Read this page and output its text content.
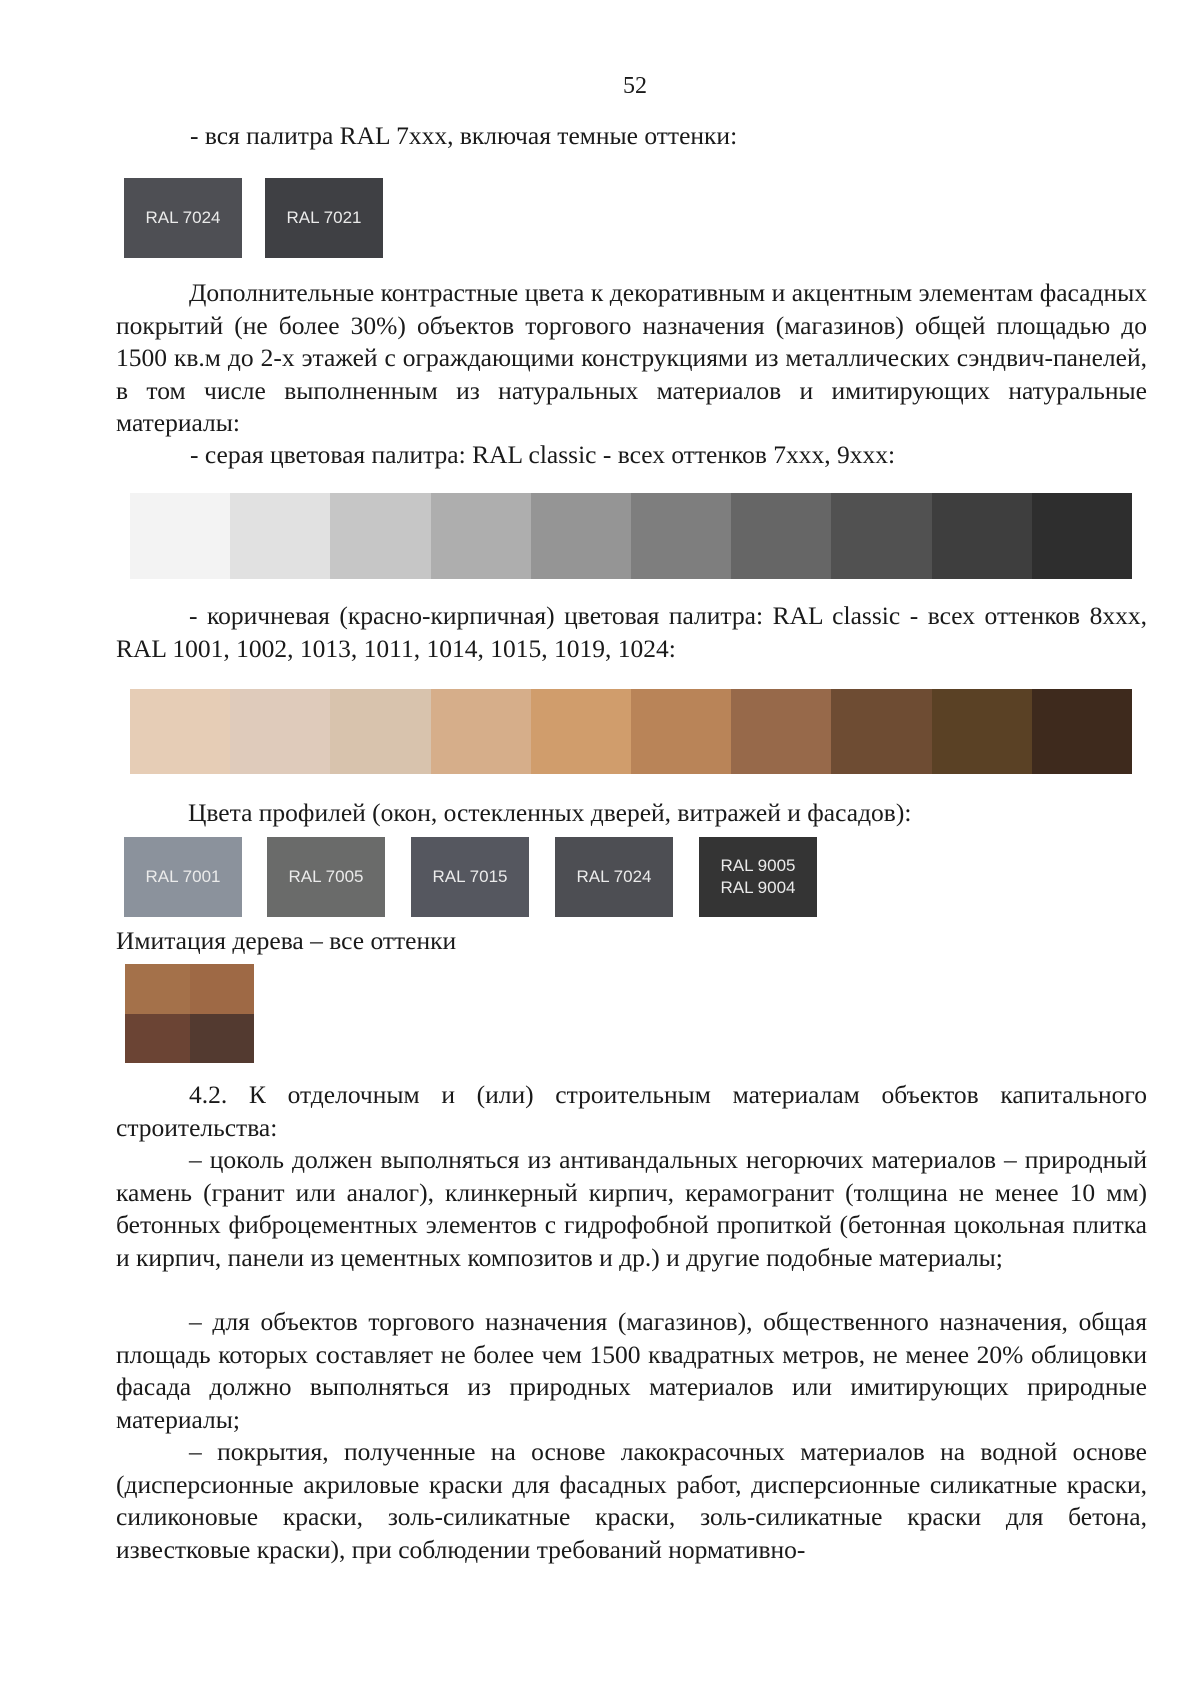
52

- вся палитра RAL 7xxx, включая темные оттенки:

RAL 7024	RAL 7021

Дополнительные контрастные цвета к декоративным и акцентным элементам фасадных покрытий (не более 30%) объектов торгового назначения (магазинов) общей площадью до 1500 кв.м до 2-х этажей с ограждающими конструкциями из металлических сэндвич-панелей, в том числе выполненным из натуральных материалов и имитирующих натуральные материалы:

- серая цветовая палитра: RAL classic - всех оттенков 7xxx, 9xxx:

- коричневая (красно-кирпичная) цветовая палитра: RAL classic - всех оттенков 8xxx, RAL 1001, 1002, 1013, 1011, 1014, 1015, 1019, 1024:

Цвета профилей (окон, остекленных дверей, витражей и фасадов):

RAL 7001	RAL 7005	RAL 7015	RAL 7024
RAL 9005
RAL 9004

Имитация дерева – все оттенки

4.2. К отделочным и (или) строительным материалам объектов капитального строительства:

– цоколь должен выполняться из антивандальных негорючих материалов – природный камень (гранит или аналог), клинкерный кирпич, керамогранит (толщина не менее 10 мм) бетонных фиброцементных элементов с гидрофобной пропиткой (бетонная цокольная плитка и кирпич, панели из цементных композитов и др.) и другие подобные материалы;

– для объектов торгового назначения (магазинов), общественного назначения, общая площадь которых составляет не более чем 1500 квадратных метров, не менее 20% облицовки фасада должно выполняться из природных материалов или имитирующих природные материалы;

– покрытия, полученные на основе лакокрасочных материалов на водной основе (дисперсионные акриловые краски для фасадных работ, дисперсионные силикатные краски, силиконовые краски, золь-силикатные краски, золь-силикатные краски для бетона, известковые краски), при соблюдении требований нормативно-
